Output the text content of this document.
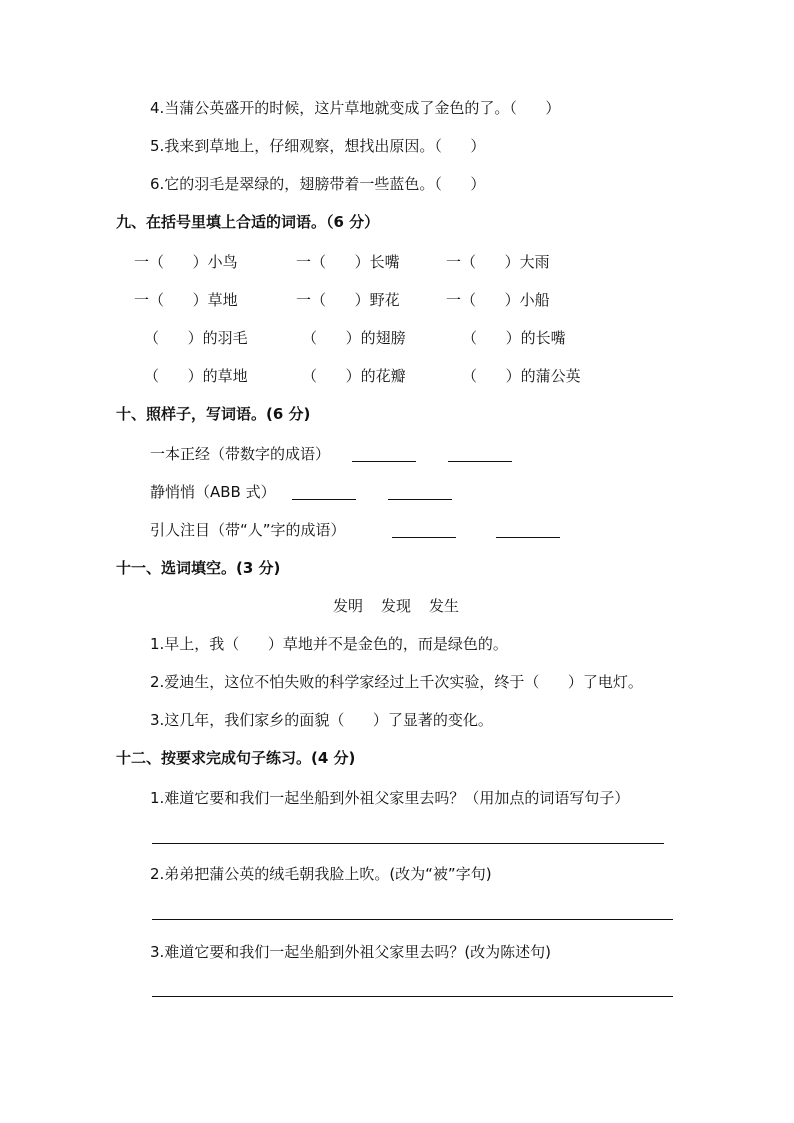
4.当蒲公英盛开的时候，这片草地就变成了金色的了。（      ）
5.我来到草地上，仔细观察，想找出原因。（      ）
6.它的羽毛是翠绿的，翅膀带着一些蓝色。（      ）
九、在括号里填上合适的词语。（6 分）
一（      ）小鸟	一（      ）长嘴	一（      ）大雨
一（      ）草地	一（      ）野花	一（      ）小船
（      ）的羽毛	（      ）的翅膀	（      ）的长嘴
（      ）的草地	（      ）的花瓣	（      ）的蒲公英
十、照样子，写词语。(6 分)
一本正经（带数字的成语）
静悄悄（ABB 式）
引人注目（带“人”字的成语）
十一、选词填空。(3 分)
发明 发现 发生
1.早上，我（      ）草地并不是金色的，而是绿色的。
2.爱迪生，这位不怕失败的科学家经过上千次实验，终于（      ）了电灯。
3.这几年，我们家乡的面貌（      ）了显著的变化。
十二、按要求完成句子练习。(4 分)
1.难道它要和我们一起坐船到外祖父家里去吗？（用加点的词语写句子）
2.弟弟把蒲公英的绒毛朝我脸上吹。(改为“被”字句)
3.难道它要和我们一起坐船到外祖父家里去吗？(改为陈述句)
